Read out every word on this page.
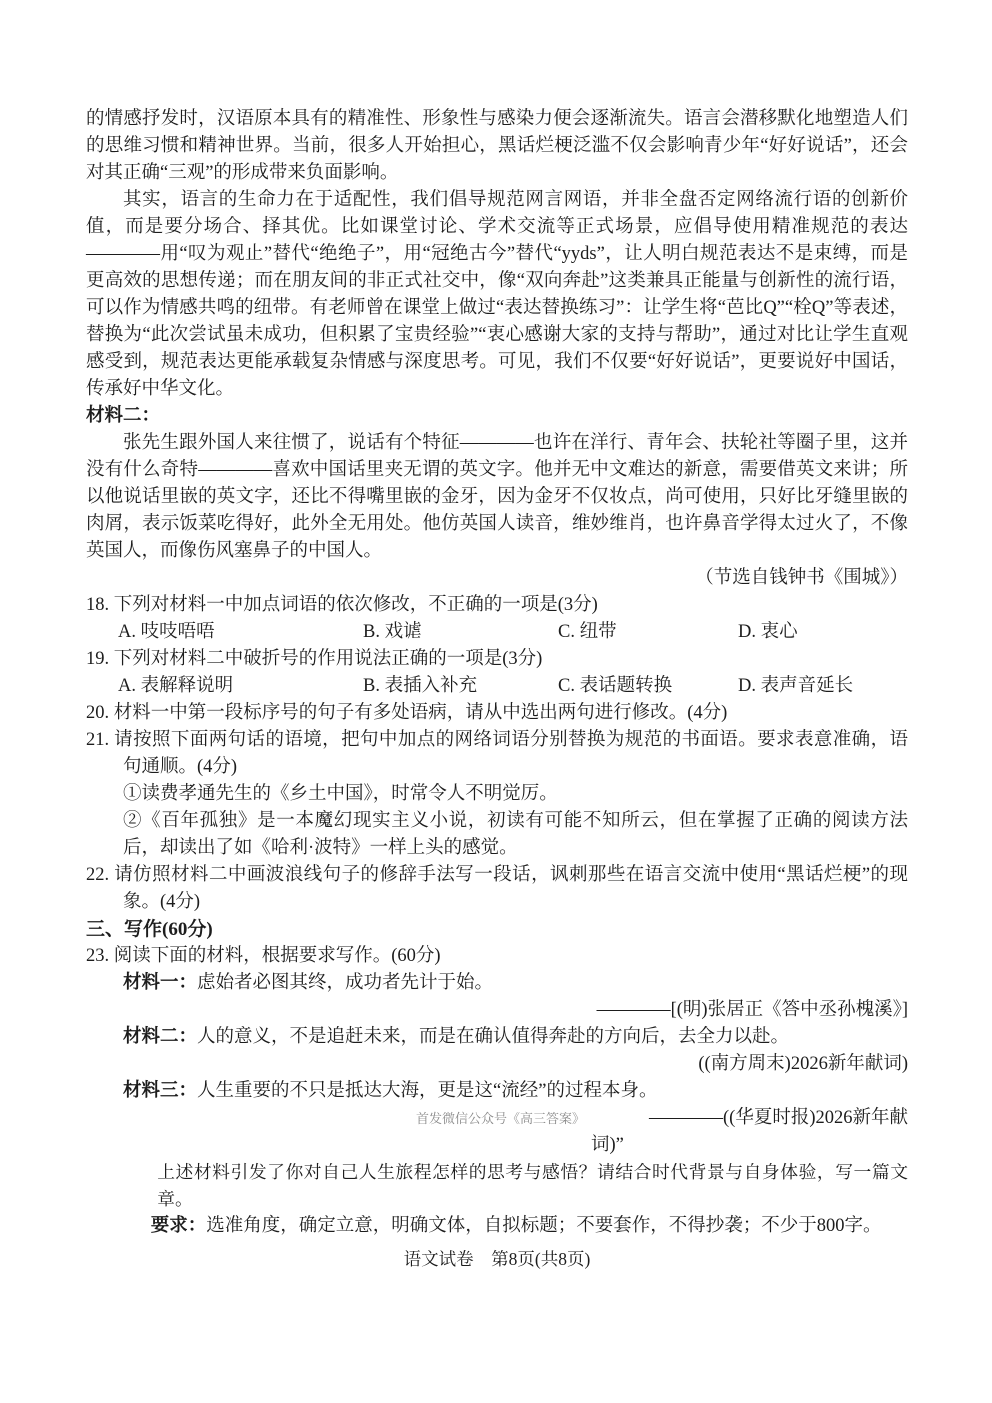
的情感抒发时，汉语原本具有的精准性、形象性与感染力便会逐渐流失。语言会潜移默化地塑造人们的思维习惯和精神世界。当前，很多人开始担心，黑话烂梗泛滥不仅会影响青少年“好好说话”，还会对其正确“三观”的形成带来负面影响。

其实，语言的生命力在于适配性，我们倡导规范网言网语，并非全盘否定网络流行语的创新价值，而是要分场合、择其优。比如课堂讨论、学术交流等正式场景，应倡导使用精准规范的表达————用“叹为观止”替代“绝绝子”，用“冠绝古今”替代“yyds”，让人明白规范表达不是束缚，而是更高效的思想传递；而在朋友间的非正式社交中，像“双向奔赴”这类兼具正能量与创新性的流行语，可以作为情感共鸣的纽带。有老师曾在课堂上做过“表达替换练习”：让学生将“芭比Q”“栓Q”等表述，替换为“此次尝试虽未成功，但积累了宝贵经验”“衷心感谢大家的支持与帮助”，通过对比让学生直观感受到，规范表达更能承载复杂情感与深度思考。可见，我们不仅要“好好说话”，更要说好中国话，传承好中华文化。

材料二：

张先生跟外国人来往惯了，说话有个特征————也许在洋行、青年会、扶轮社等圈子里，这并没有什么奇特————喜欢中国话里夹无谓的英文字。他并无中文难达的新意，需要借英文来讲；所以他说话里嵌的英文字，还比不得嘴里嵌的金牙，因为金牙不仅妆点，尚可使用，只好比牙缝里嵌的肉屑，表示饭菜吃得好，此外全无用处。他仿英国人读音，维妙维肖，也许鼻音学得太过火了，不像英国人，而像伤风塞鼻子的中国人。

（节选自钱钟书《围城》）

18. 下列对材料一中加点词语的依次修改，不正确的一项是(3分)

A. 吱吱唔唔	B. 戏谑	C. 纽带	D. 衷心

19. 下列对材料二中破折号的作用说法正确的一项是(3分)

A. 表解释说明	B. 表插入补充	C. 表话题转换	D. 表声音延长

20. 材料一中第一段标序号的句子有多处语病，请从中选出两句进行修改。(4分)

21. 请按照下面两句话的语境，把句中加点的网络词语分别替换为规范的书面语。要求表意准确，语句通顺。(4分)

①读费孝通先生的《乡土中国》，时常令人不明觉厉。

②《百年孤独》是一本魔幻现实主义小说，初读有可能不知所云，但在掌握了正确的阅读方法后，却读出了如《哈利·波特》一样上头的感觉。

22. 请仿照材料二中画波浪线句子的修辞手法写一段话，讽刺那些在语言交流中使用“黑话烂梗”的现象。(4分)

三、写作(60分)

23. 阅读下面的材料，根据要求写作。(60分)

材料一：虑始者必图其终，成功者先计于始。

————[(明)张居正《答中丞孙槐溪》]

材料二：人的意义，不是追赶未来，而是在确认值得奔赴的方向后，去全力以赴。

((南方周末)2026新年献词)

材料三：人生重要的不只是抵达大海，更是这“流经”的过程本身。

首发微信公众号《高三答案》	————((华夏时报)2026新年献

词)”

上述材料引发了你对自己人生旅程怎样的思考与感悟？请结合时代背景与自身体验，写一篇文章。

要求：选准角度，确定立意，明确文体，自拟标题；不要套作，不得抄袭；不少于800字。

语文试卷　第8页(共8页)
